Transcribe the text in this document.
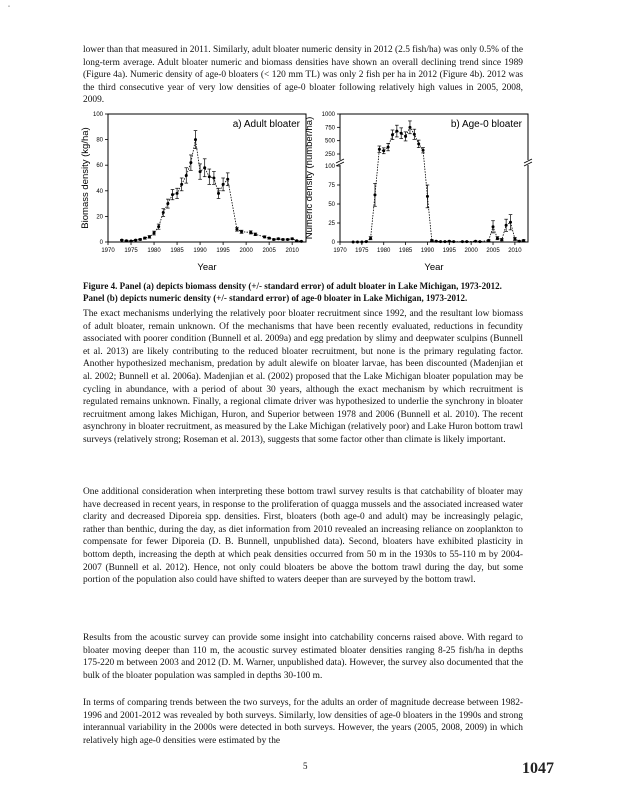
˘

lower than that measured in 2011. Similarly, adult bloater numeric density in 2012 (2.5 fish/ha) was only 0.5% of the long-term average. Adult bloater numeric and biomass densities have shown an overall declining trend since 1989 (Figure 4a). Numeric density of age-0 bloaters (< 120 mm TL) was only 2 fish per ha in 2012 (Figure 4b). 2012 was the third consecutive year of very low densities of age-0 bloater following relatively high values in 2005, 2008, 2009.

0
20
40
60
80
100
1970 1975 1980 1985 1990 1995 2000 2005 2010
Year
Biomass density (kg/ha)
a) Adult bloater
0
25
50
75
100
250
500
750
1000
1970 1975 1980 1985 1990 1995 2000 2005 2010
Year
Numeric density (number/ha)	b) Age-0 bloater

Figure 4. Panel (a) depicts biomass density (+/- standard error) of adult bloater in Lake Michigan, 1973-2012. Panel (b) depicts numeric density (+/- standard error) of age-0 bloater in Lake Michigan, 1973-2012.

The exact mechanisms underlying the relatively poor bloater recruitment since 1992, and the resultant low biomass of adult bloater, remain unknown. Of the mechanisms that have been recently evaluated, reductions in fecundity associated with poorer condition (Bunnell et al. 2009a) and egg predation by slimy and deepwater sculpins (Bunnell et al. 2013) are likely contributing to the reduced bloater recruitment, but none is the primary regulating factor. Another hypothesized mechanism, predation by adult alewife on bloater larvae, has been discounted (Madenjian et al. 2002; Bunnell et al. 2006a). Madenjian et al. (2002) proposed that the Lake Michigan bloater population may be cycling in abundance, with a period of about 30 years, although the exact mechanism by which recruitment is regulated remains unknown. Finally, a regional climate driver was hypothesized to underlie the synchrony in bloater recruitment among lakes Michigan, Huron, and Superior between 1978 and 2006 (Bunnell et al. 2010). The recent asynchrony in bloater recruitment, as measured by the Lake Michigan (relatively poor) and Lake Huron bottom trawl surveys (relatively strong; Roseman et al. 2013), suggests that some factor other than climate is likely important.

One additional consideration when interpreting these bottom trawl survey results is that catchability of bloater may have decreased in recent years, in response to the proliferation of quagga mussels and the associated increased water clarity and decreased Diporeia spp. densities. First, bloaters (both age-0 and adult) may be increasingly pelagic, rather than benthic, during the day, as diet information from 2010 revealed an increasing reliance on zooplankton to compensate for fewer Diporeia (D. B. Bunnell, unpublished data). Second, bloaters have exhibited plasticity in bottom depth, increasing the depth at which peak densities occurred from 50 m in the 1930s to 55-110 m by 2004-2007 (Bunnell et al. 2012). Hence, not only could bloaters be above the bottom trawl during the day, but some portion of the population also could have shifted to waters deeper than are surveyed by the bottom trawl.

Results from the acoustic survey can provide some insight into catchability concerns raised above. With regard to bloater moving deeper than 110 m, the acoustic survey estimated bloater densities ranging 8-25 fish/ha in depths 175-220 m between 2003 and 2012 (D. M. Warner, unpublished data). However, the survey also documented that the bulk of the bloater population was sampled in depths 30-100 m.

In terms of comparing trends between the two surveys, for the adults an order of magnitude decrease between 1982-1996 and 2001-2012 was revealed by both surveys. Similarly, low densities of age-0 bloaters in the 1990s and strong interannual variability in the 2000s were detected in both surveys. However, the years (2005, 2008, 2009) in which relatively high age-0 densities were estimated by the

5	1047
